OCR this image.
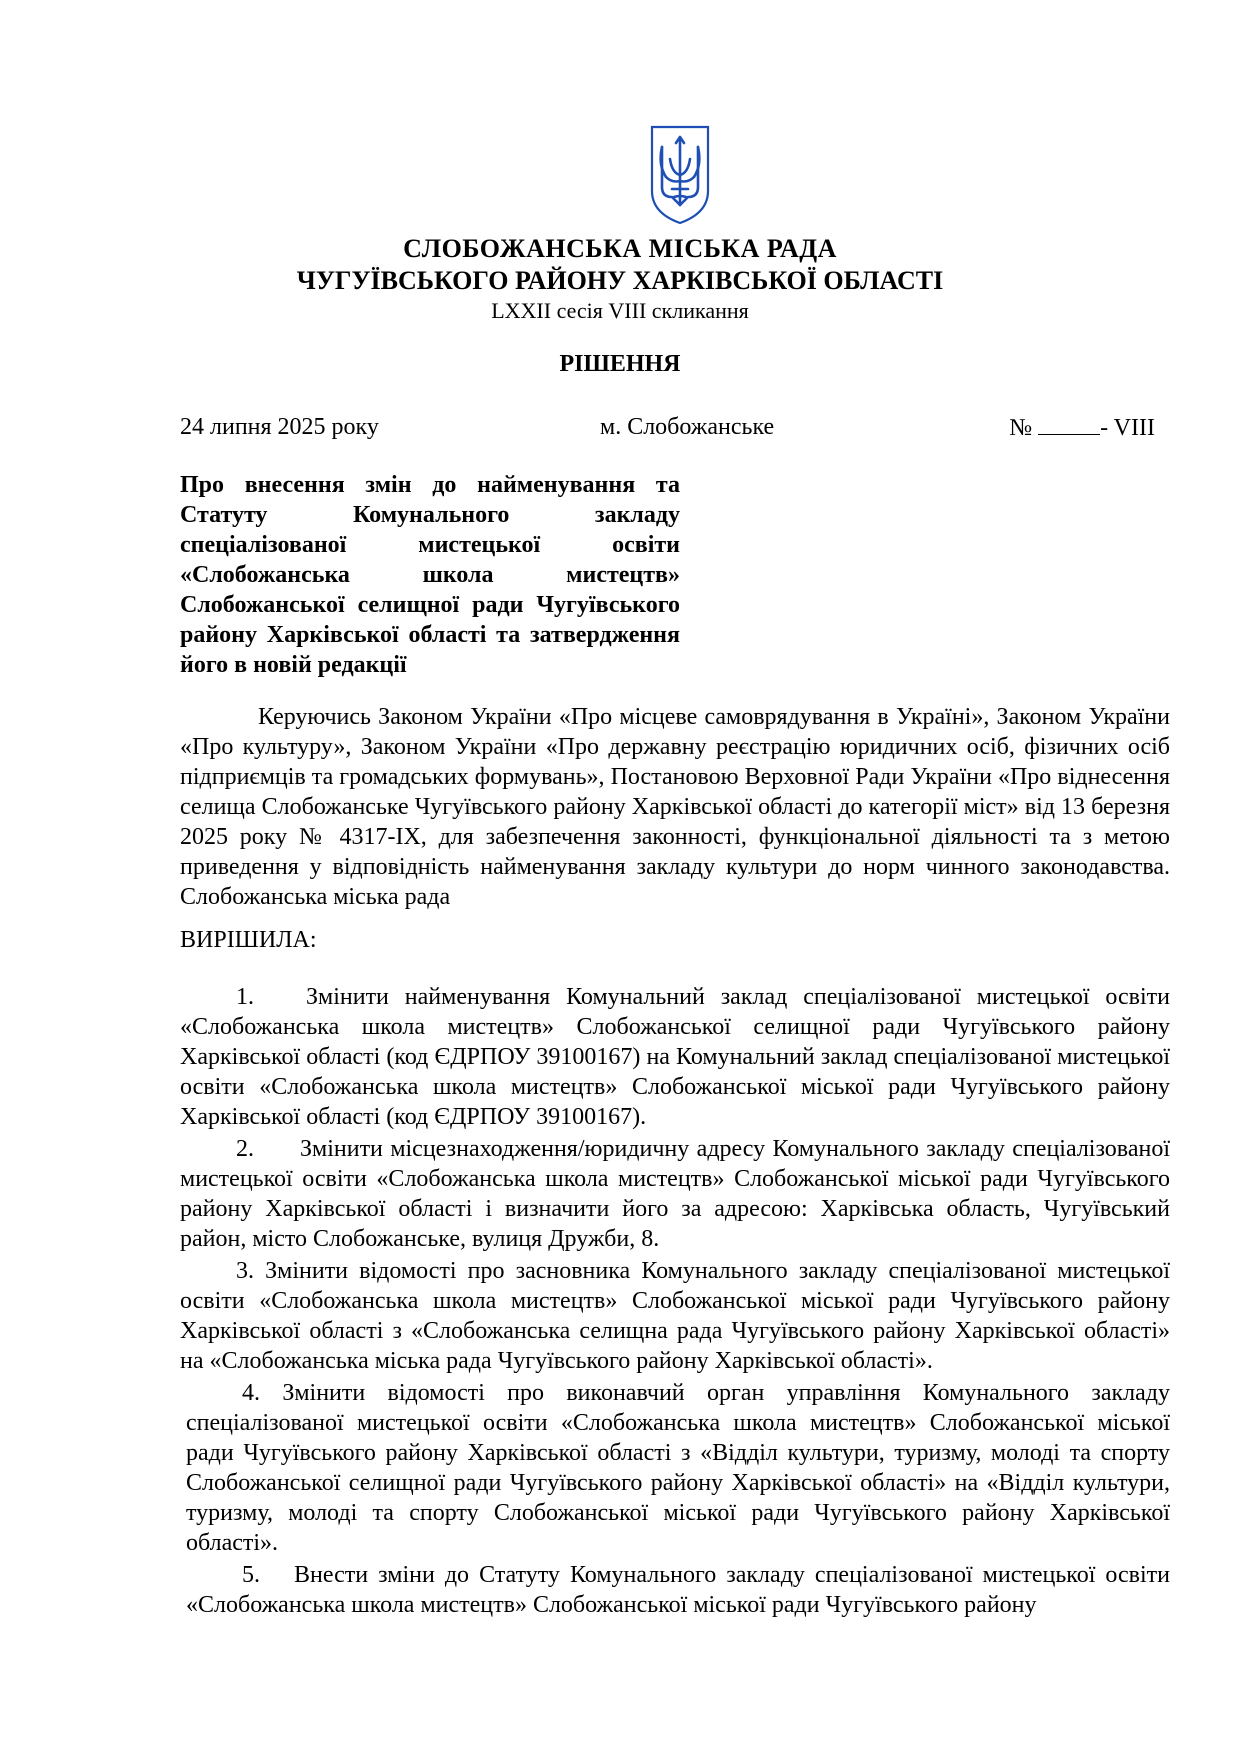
СЛОБОЖАНСЬКА МІСЬКА РАДА
ЧУГУЇВСЬКОГО РАЙОНУ ХАРКІВСЬКОЇ ОБЛАСТІ
LXXII сесія VIII скликання
РІШЕННЯ
24 липня 2025 року	м. Слобожанське	№	- VIII
Про внесення змін до найменування та Статуту Комунального закладу спеціалізованої мистецької освіти «Слобожанська школа мистецтв» Слобожанської селищної ради Чугуївського району Харківської області та затвердження його в новій редакції
Керуючись Законом України «Про місцеве самоврядування в Україні», Законом України «Про культуру», Законом України «Про державну реєстрацію юридичних осіб, фізичних осіб підприємців та громадських формувань», Постановою Верховної Ради України «Про віднесення селища Слобожанське Чугуївського району Харківської області до категорії міст» від 13 березня 2025 року № 4317-IX, для забезпечення законності, функціональної діяльності та з метою приведення у відповідність найменування закладу культури до норм чинного законодавства. Слобожанська міська рада
ВИРІШИЛА:

1. Змінити найменування Комунальний заклад спеціалізованої мистецької освіти «Слобожанська школа мистецтв» Слобожанської селищної ради Чугуївського району Харківської області (код ЄДРПОУ 39100167) на Комунальний заклад спеціалізованої мистецької освіти «Слобожанська школа мистецтв» Слобожанської міської ради Чугуївського району Харківської області (код ЄДРПОУ 39100167).

2. Змінити місцезнаходження/юридичну адресу Комунального закладу спеціалізованої мистецької освіти «Слобожанська школа мистецтв» Слобожанської міської ради Чугуївського району Харківської області і визначити його за адресою: Харківська область, Чугуївський район, місто Слобожанське, вулиця Дружби, 8.

3. Змінити відомості про засновника Комунального закладу спеціалізованої мистецької освіти «Слобожанська школа мистецтв» Слобожанської міської ради Чугуївського району Харківської області з «Слобожанська селищна рада Чугуївського району Харківської області» на «Слобожанська міська рада Чугуївського району Харківської області».

4. Змінити відомості про виконавчий орган управління Комунального закладу спеціалізованої мистецької освіти «Слобожанська школа мистецтв» Слобожанської міської ради Чугуївського району Харківської області з «Відділ культури, туризму, молоді та спорту Слобожанської селищної ради Чугуївського району Харківської області» на «Відділ культури, туризму, молоді та спорту Слобожанської міської ради Чугуївського району Харківської області».

5. Внести зміни до Статуту Комунального закладу спеціалізованої мистецької освіти «Слобожанська школа мистецтв» Слобожанської міської ради Чугуївського району
